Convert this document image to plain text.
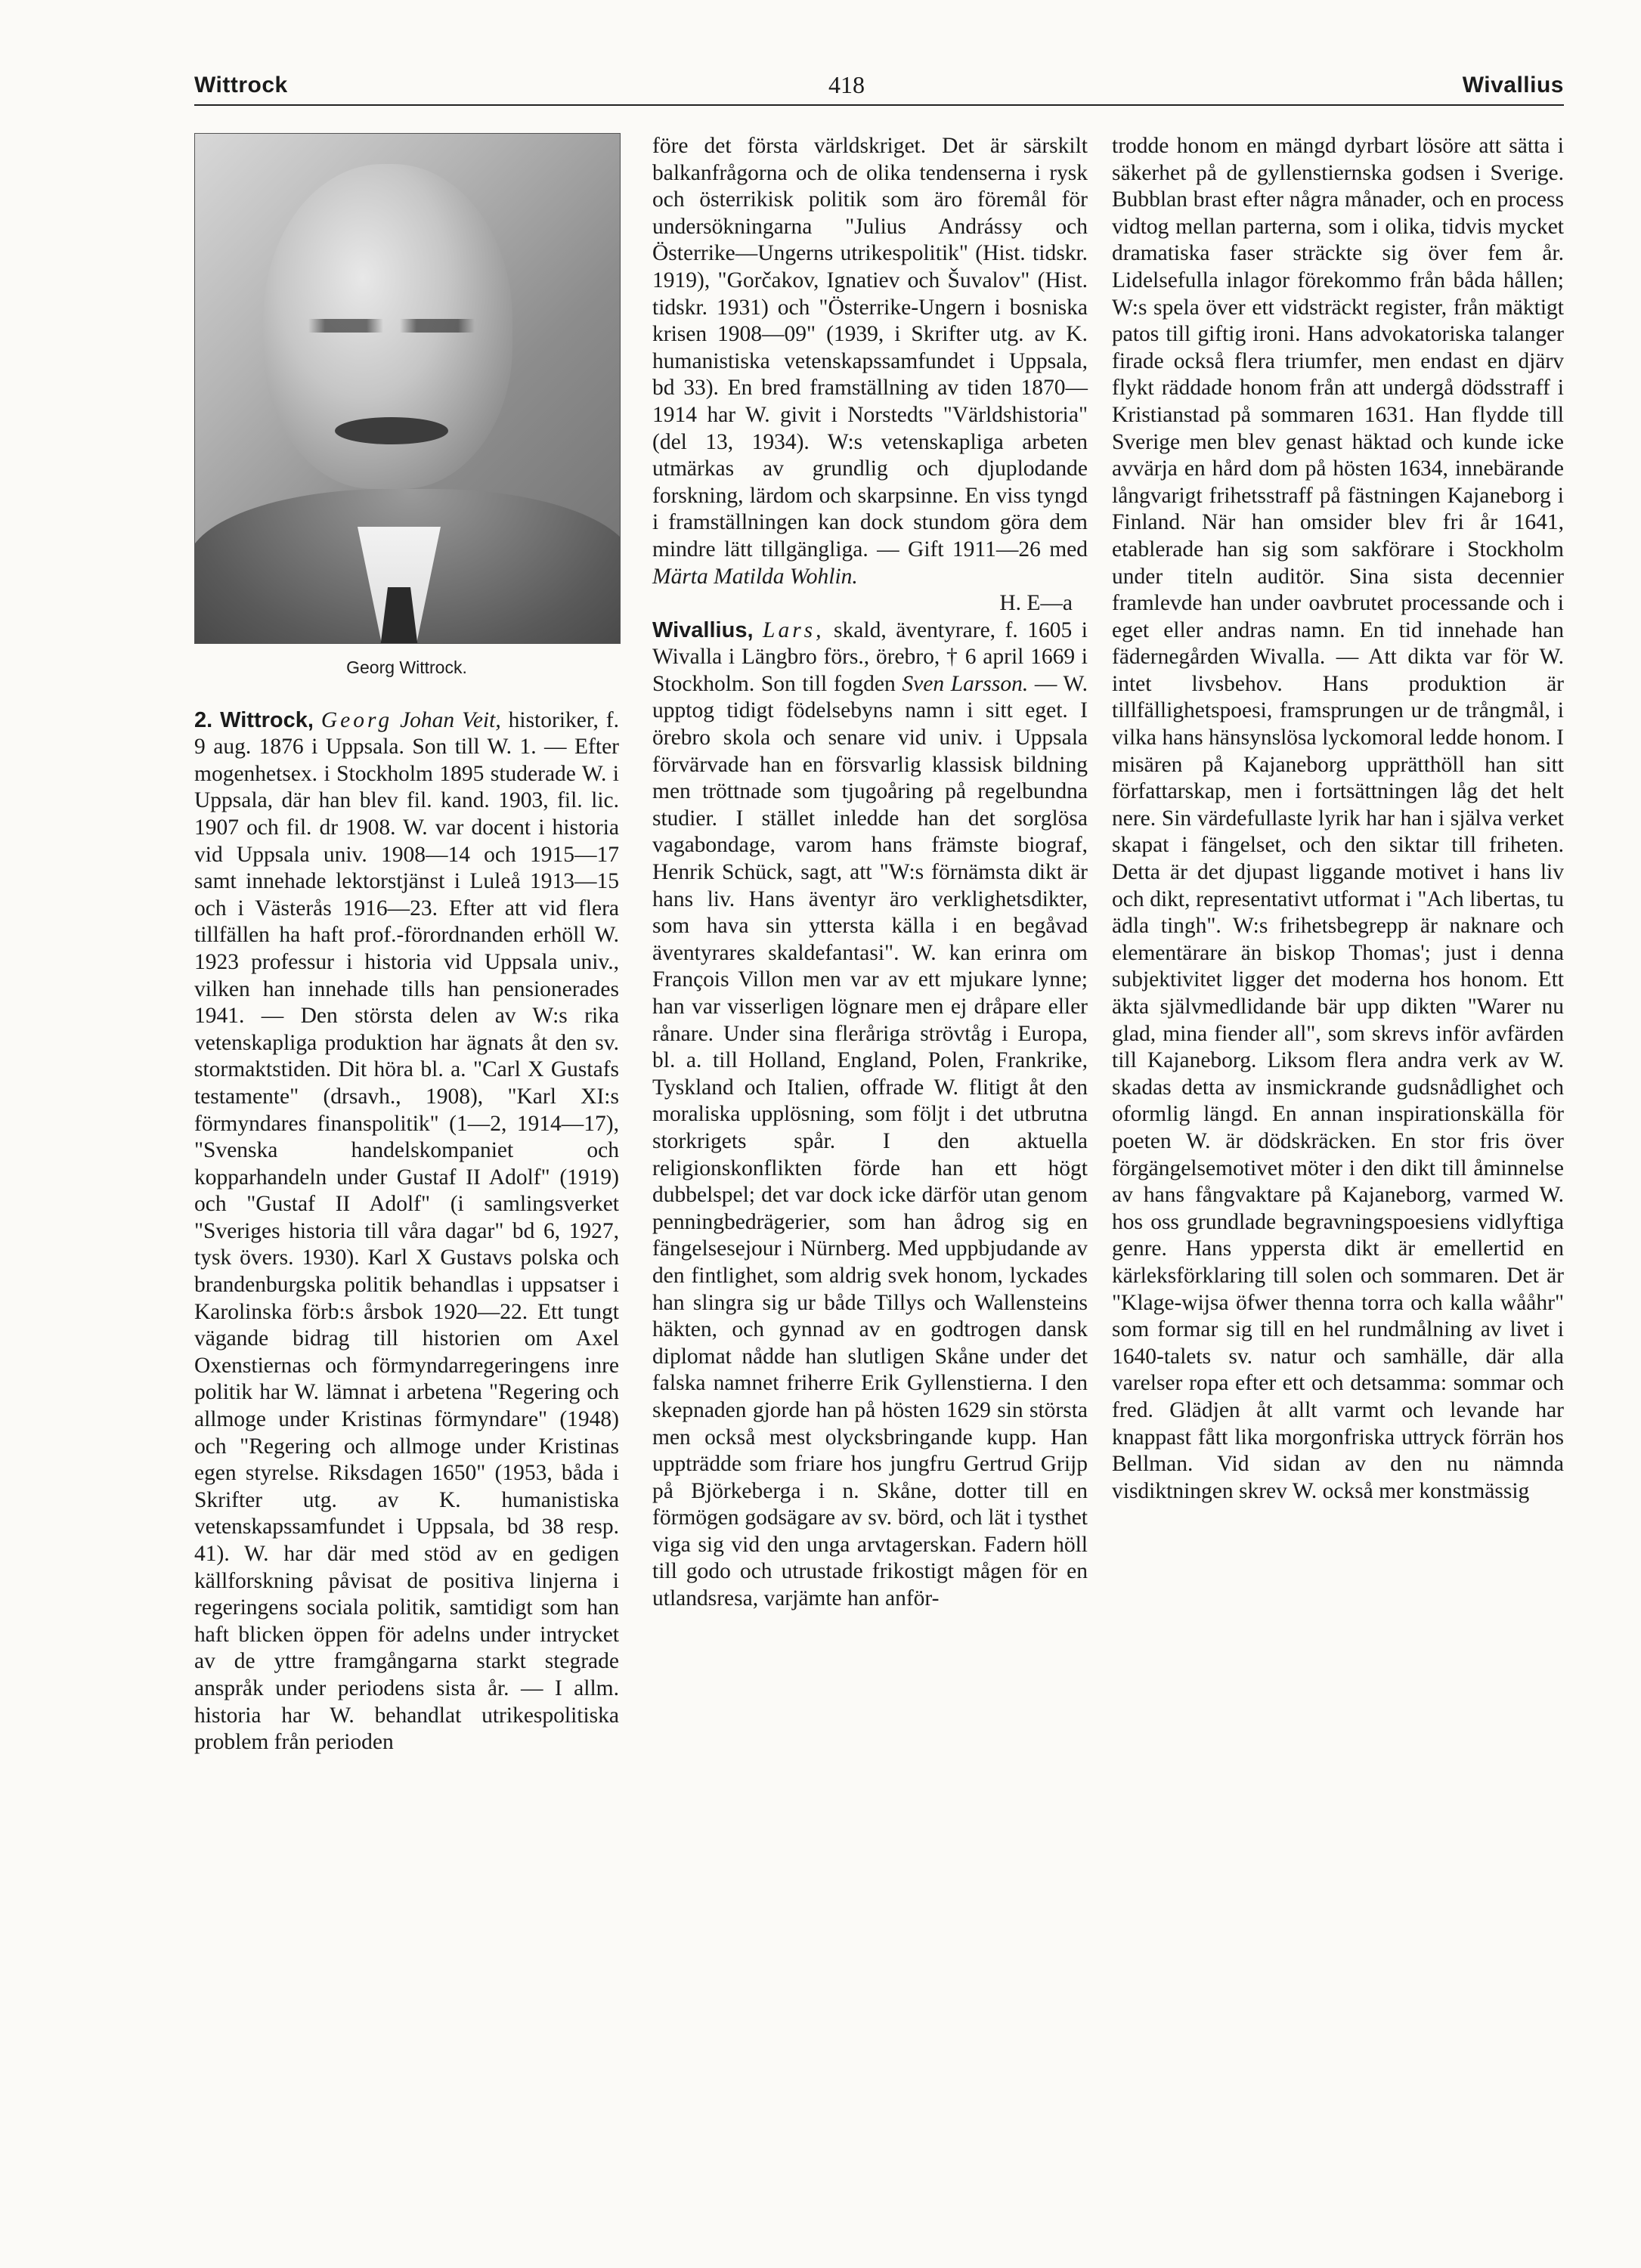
Wittrock	418	Wivallius
Georg Wittrock.

2. Wittrock, Georg Johan Veit, historiker, f. 9 aug. 1876 i Uppsala. Son till W. 1. — Efter mogenhetsex. i Stockholm 1895 studerade W. i Uppsala, där han blev fil. kand. 1903, fil. lic. 1907 och fil. dr 1908. W. var docent i historia vid Uppsala univ. 1908—14 och 1915—17 samt innehade lektorstjänst i Luleå 1913—15 och i Västerås 1916—23. Efter att vid flera tillfällen ha haft prof.-förordnanden erhöll W. 1923 professur i historia vid Uppsala univ., vilken han innehade tills han pensionerades 1941. — Den största delen av W:s rika vetenskapliga produktion har ägnats åt den sv. stormaktstiden. Dit höra bl. a. "Carl X Gustafs testamente" (drsavh., 1908), "Karl XI:s förmyndares finanspolitik" (1—2, 1914—17), "Svenska handelskompaniet och kopparhandeln under Gustaf II Adolf" (1919) och "Gustaf II Adolf" (i samlingsverket "Sveriges historia till våra dagar" bd 6, 1927, tysk övers. 1930). Karl X Gustavs polska och brandenburgska politik behandlas i uppsatser i Karolinska förb:s årsbok 1920—22. Ett tungt vägande bidrag till historien om Axel Oxenstiernas och förmyndarregeringens inre politik har W. lämnat i arbetena "Regering och allmoge under Kristinas förmyndare" (1948) och "Regering och allmoge under Kristinas egen styrelse. Riksdagen 1650" (1953, båda i Skrifter utg. av K. humanistiska vetenskapssamfundet i Uppsala, bd 38 resp. 41). W. har där med stöd av en gedigen källforskning påvisat de positiva linjerna i regeringens sociala politik, samtidigt som han haft blicken öppen för adelns under intrycket av de yttre framgångarna starkt stegrade anspråk under periodens sista år. — I allm. historia har W. behandlat utrikespolitiska problem från perioden

före det första världskriget. Det är särskilt balkanfrågorna och de olika tendenserna i rysk och österrikisk politik som äro föremål för undersökningarna "Julius Andrássy och Österrike—Ungerns utrikespolitik" (Hist. tidskr. 1919), "Gorčakov, Ignatiev och Šuvalov" (Hist. tidskr. 1931) och "Österrike-Ungern i bosniska krisen 1908—09" (1939, i Skrifter utg. av K. humanistiska vetenskapssamfundet i Uppsala, bd 33). En bred framställning av tiden 1870—1914 har W. givit i Norstedts "Världshistoria" (del 13, 1934). W:s vetenskapliga arbeten utmärkas av grundlig och djuplodande forskning, lärdom och skarpsinne. En viss tyngd i framställningen kan dock stundom göra dem mindre lätt tillgängliga. — Gift 1911—26 med Märta Matilda Wohlin.

H. E—a

Wivallius, Lars, skald, äventyrare, f. 1605 i Wivalla i Längbro förs., örebro, † 6 april 1669 i Stockholm. Son till fogden Sven Larsson. — W. upptog tidigt födelsebyns namn i sitt eget. I örebro skola och senare vid univ. i Uppsala förvärvade han en försvarlig klassisk bildning men tröttnade som tjugoåring på regelbundna studier. I stället inledde han det sorglösa vagabondage, varom hans främste biograf, Henrik Schück, sagt, att "W:s förnämsta dikt är hans liv. Hans äventyr äro verklighetsdikter, som hava sin yttersta källa i en begåvad äventyrares skaldefantasi". W. kan erinra om François Villon men var av ett mjukare lynne; han var visserligen lögnare men ej dråpare eller rånare. Under sina fleråriga strövtåg i Europa, bl. a. till Holland, England, Polen, Frankrike, Tyskland och Italien, offrade W. flitigt åt den moraliska upplösning, som följt i det utbrutna storkrigets spår. I den aktuella religionskonflikten förde han ett högt dubbelspel; det var dock icke därför utan genom penningbedrägerier, som han ådrog sig en fängelsesejour i Nürnberg. Med uppbjudande av den fintlighet, som aldrig svek honom, lyckades han slingra sig ur både Tillys och Wallensteins häkten, och gynnad av en godtrogen dansk diplomat nådde han slutligen Skåne under det falska namnet friherre Erik Gyllenstierna. I den skepnaden gjorde han på hösten 1629 sin största men också mest olycksbringande kupp. Han uppträdde som friare hos jungfru Gertrud Grijp på Björkeberga i n. Skåne, dotter till en förmögen godsägare av sv. börd, och lät i tysthet viga sig vid den unga arvtagerskan. Fadern höll till godo och utrustade frikostigt mågen för en utlandsresa, varjämte han anför-

trodde honom en mängd dyrbart lösöre att sätta i säkerhet på de gyllenstiernska godsen i Sverige. Bubblan brast efter några månader, och en process vidtog mellan parterna, som i olika, tidvis mycket dramatiska faser sträckte sig över fem år. Lidelsefulla inlagor förekommo från båda hållen; W:s spela över ett vidsträckt register, från mäktigt patos till giftig ironi. Hans advokatoriska talanger firade också flera triumfer, men endast en djärv flykt räddade honom från att undergå dödsstraff i Kristianstad på sommaren 1631. Han flydde till Sverige men blev genast häktad och kunde icke avvärja en hård dom på hösten 1634, innebärande långvarigt frihetsstraff på fästningen Kajaneborg i Finland. När han omsider blev fri år 1641, etablerade han sig som sakförare i Stockholm under titeln auditör. Sina sista decennier framlevde han under oavbrutet processande och i eget eller andras namn. En tid innehade han fädernegården Wivalla. — Att dikta var för W. intet livsbehov. Hans produktion är tillfällighetspoesi, framsprungen ur de trångmål, i vilka hans hänsynslösa lyckomoral ledde honom. I misären på Kajaneborg upprätthöll han sitt författarskap, men i fortsättningen låg det helt nere. Sin värdefullaste lyrik har han i själva verket skapat i fängelset, och den siktar till friheten. Detta är det djupast liggande motivet i hans liv och dikt, representativt utformat i "Ach libertas, tu ädla tingh". W:s frihetsbegrepp är naknare och elementärare än biskop Thomas'; just i denna subjektivitet ligger det moderna hos honom. Ett äkta självmedlidande bär upp dikten "Warer nu glad, mina fiender all", som skrevs inför avfärden till Kajaneborg. Liksom flera andra verk av W. skadas detta av insmickrande gudsnådlighet och oformlig längd. En annan inspirationskälla för poeten W. är dödskräcken. En stor fris över förgängelsemotivet möter i den dikt till åminnelse av hans fångvaktare på Kajaneborg, varmed W. hos oss grundlade begravningspoesiens vidlyftiga genre. Hans yppersta dikt är emellertid en kärleksförklaring till solen och sommaren. Det är "Klage-wijsa öfwer thenna torra och kalla wååhr" som formar sig till en hel rundmålning av livet i 1640-talets sv. natur och samhälle, där alla varelser ropa efter ett och detsamma: sommar och fred. Glädjen åt allt varmt och levande har knappast fått lika morgonfriska uttryck förrän hos Bellman. Vid sidan av den nu nämnda visdiktningen skrev W. också mer konstmässig
